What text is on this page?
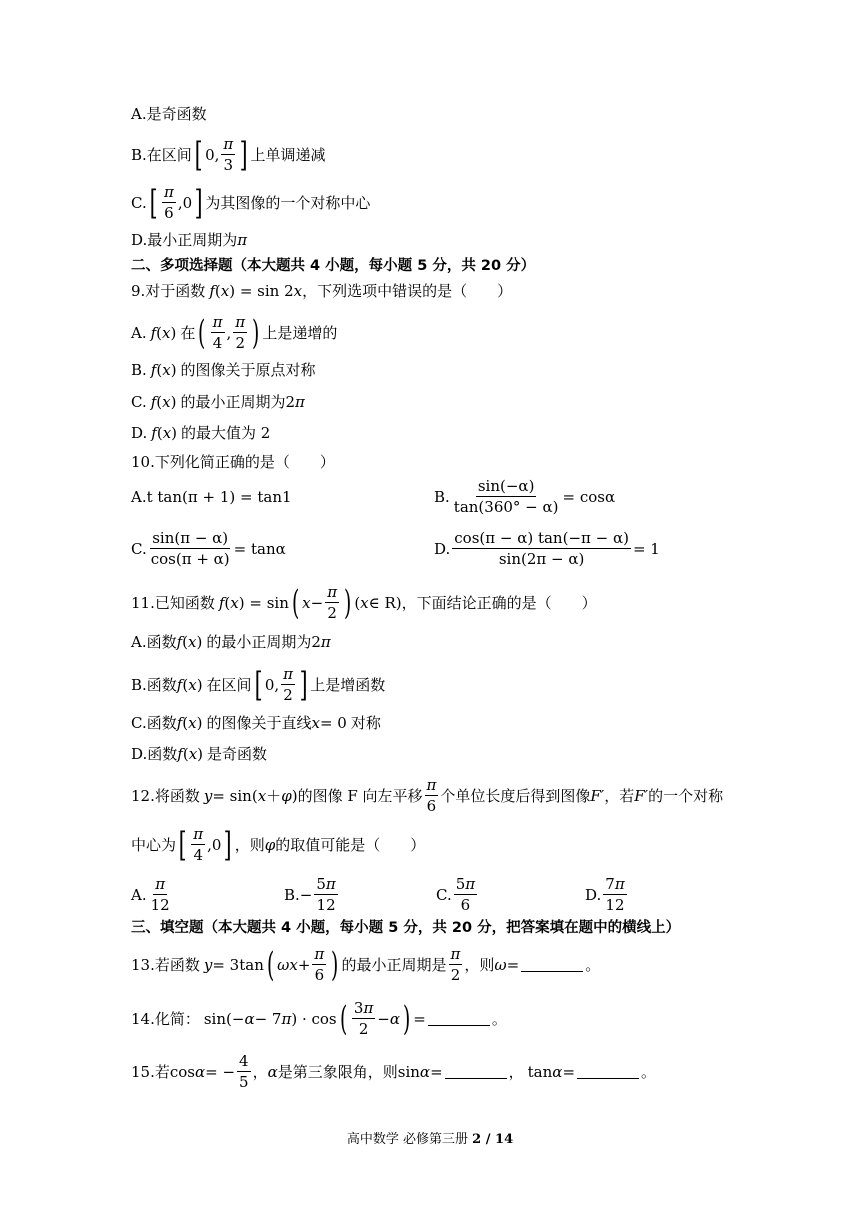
A.是奇函数
B.在区间 [ 0, $\frac{\pi}{3}$ ] 上单调递减
C. [ $\frac{\pi}{6} ,0$ ] 为其图像的一个对称中心
D.最小正周期为 π
二、多项选择题（本大题共 4 小题，每小题 5 分，共 20 分）
9.对于函数 f ( x ) = sin 2 x ，下列选项中错误的是（　　）
A. f ( x ) 在 ( $\frac{\pi}{4}$ , $\frac{\pi}{2}$ ) 上是递增的
B. f ( x ) 的图像关于原点对称
C. f ( x ) 的最小正周期为 2 π
D. f ( x ) 的最大值为 2
10.下列化简正确的是（　　）
A.t tan(π + 1) = tan1	B. $\frac{\sin(-\alpha)}{\tan(360^\circ - \alpha)} = \cos\alpha$
C. $\frac{\sin(\pi - \alpha)}{\cos(\pi + \alpha)} = \tan\alpha$	D. $\frac{\cos(\pi - \alpha) \tan(-\pi - \alpha)}{\sin(2\pi - \alpha)} = 1$
11.已知函数 f ( x ) = sin ( $x - \frac{\pi}{2}$ ) ( x ∈ R) ，下面结论正确的是（　　）
A.函数 f ( x ) 的最小正周期为 2 π
B.函数 f ( x ) 在区间 [ 0, $\frac{\pi}{2}$ ] 上是增函数
C.函数 f ( x ) 的图像关于直线 x = 0 对称
D.函数 f ( x ) 是奇函数
12.将函数 y = sin( x ＋ φ ) 的图像 F 向左平移 $\frac{\pi}{6}$ 个单位长度后得到图像 F′ ，若 F′ 的一个对称
中心为 [ $\frac{\pi}{4} ,0$ ] ，则 φ 的取值可能是（　　）
A. $\frac{\pi}{12}$	B. − $\frac{5\pi}{12}$	C. $\frac{5\pi}{6}$	D. $\frac{7\pi}{12}$
三、填空题（本大题共 4 小题，每小题 5 分，共 20 分，把答案填在题中的横线上）
13.若函数 y = 3tan ( $\omega x + \frac{\pi}{6}$ ) 的最小正周期是 $\frac{\pi}{2}$ ，则 ω =	。
14.化简： sin(− α − 7 π ) · cos ( $\frac{3\pi}{2} - \alpha$ ) =	。
15.若 cos α = − $\frac{4}{5}$ ， α 是第三象限角，则 sin α =	， tan α =	。
高中数学 必修第三册 2 / 14
